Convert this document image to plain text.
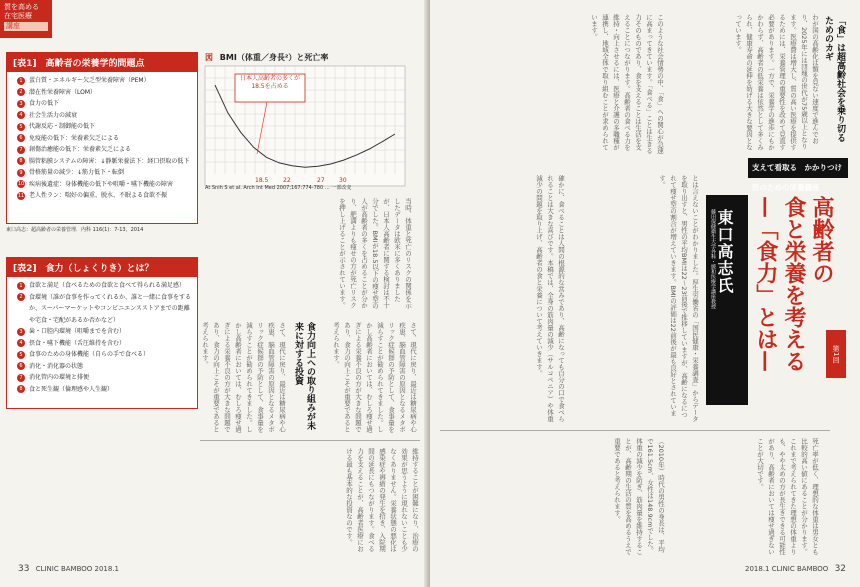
質を高める
在宅医療
講座
[表1]　高齢者の栄養学的問題点
1	蛋白質・エネルギー欠乏型栄養障害（PEM）
2	潜在性栄養障害（LOM）
3	食力の低下
4	社会生活力の減衰
5	代謝反応・制御能の低下
6	免疫能の低下：栄養素欠乏による
7	創傷治癒能の低下：栄養素欠乏による
8	腸管粘膜システムの障害：↓静脈栄養法下：経口摂取の低下
9	骨格筋量の減少：↓筋力低下・転倒
10 疾病後遺症：身体機能の低下や咀嚼・嚥下機能の障害
11 老人性ラン：喘好の偏重、脱水、不眠よる食欲不振
東口高志：超高齢者の栄養管理．内科 116(1)：7-13，2014
[表2]　食力（しょくりき）とは？
1	食欲と満足（食べるための食欲と食べて得られる満足感）
2	食環境（誰が食事を作ってくれるか、誰と一緒に食事をするか、スーパーマーケットやコンビニエンスストアまでの距離や宅食・宅配があるか否かなど）
3	歯・口腔内環境（咀嚼までを含む）
4	摂食・嚥下機能（舌圧維持を含む）
5	食事のための身体機能（自らの手で食べる）
6	消化・消化器の状態
7	消化管内の環境と排便
8	食と死生観（倫理感や人生観）
図 BMI（体重／身長²）と死亡率
日本人高齢者の多くが18.5を占める
18.5 22	27 30
At Snih S et al. Arch Int Med 2007;167:774-780 … 一部改変
当時、体重と死亡のリスクの関係を示したデータは欧米に多くありましたが、日本人高齢者に関する検討は不十分でした。BMIが18.5以下の痩せ型の人が高齢者の多くを占めることが分かり、肥満よりも痩せの方が死亡リスクを押し上げることが示されています。
食力向上への取り組みが未来に対する投資
さて、現代に戻り、最近は糖尿病や心疾患、脳血管障害の原因となるメタボリック症候群の予防として、食事量を減らすことが勧められてきました。しかし高齢者においては、むしろ痩せ過ぎによる栄養不良の方が大きな問題であり、食力の向上こそが重要であると考えられます。	さて、現代に戻り、最近は糖尿病や心疾患、脳血管障害の原因となるメタボリック症候群の予防として、食事量を減らすことが勧められてきました。しかし高齢者においては、むしろ痩せ過ぎによる栄養不良の方が大きな問題であり、食力の向上こそが重要であると考えられます。
維持することが困難になり、治療の効果が思うように現れないことも少なくありません。栄養状態の悪化は感染症や褥瘡の発生を招き、入院期間の延長にもつながります。食べる力を支えることが、高齢者医療における最も基本的な投資なのです。
33 CLINIC BAMBOO 2018.1
「食」は超高齢社会を乗り切るためのカギ
わが国の高齢化は類を見ない速度で進んでおり、2025年には団塊の世代が75歳以上となります。医療費は増大し、質の高い医療を提供するためには、栄養管理の重要性を改めて見直す必要があります。一方で、栄養学の進歩にもかかわらず、高齢者の低栄養は依然として多くみられ、健康寿命の延伸を妨げる大きな要因となっています。
このような社会情勢の中、「食」への関心が急速に高まってきています。「食べる」ことは生きる力そのものであり、食を支えることは生活を支えることにつながります。高齢者の食べる力を維持・向上させるには、医療と介護の多職種が連携し、地域全体で取り組むことが求められています。
確かに、食べることは人間の根源的な営みであり、高齢になっても自分の口で食べられることは大きな喜びです。本稿では、全身の筋肉量の減少（サルコペニア）や体重減少の問題を取り上げ、高齢者の食と栄養について考えていきます。	とは言えないことがわかりました。厚生労働省の「国民健康・栄養調査」からデータを取り出すと、男性の平均BMIは22～23前後で推移していますが、高齢になるにつれて痩せ型の割合が増えていきます。BMIの評価は22前後が最も良好とされています。
死亡率が低く、理想的な体重は男女とも比較的高い値にあることが分かります。これまで考えられてきた理想の体重よりも、やや太めの方が長生きできる可能性があり、高齢者においては痩せ過ぎないことが大切です。
（2010年）時代の男性の身長は、平均で161.5cm、女性は148.9cmでした。体重の減少を防ぎ、筋肉量を維持することが、高齢期の生活の質を高めるうえで重要であると考えられます。
2018.1 CLINIC BAMBOO 32
支えて看取る　かかりつけ医のための栄養講座
東口高志氏
藤田保健衛生大学外科・緩和医療学講座教授	高齢者の
食と栄養を考える
—「食力」とは—	第1回
